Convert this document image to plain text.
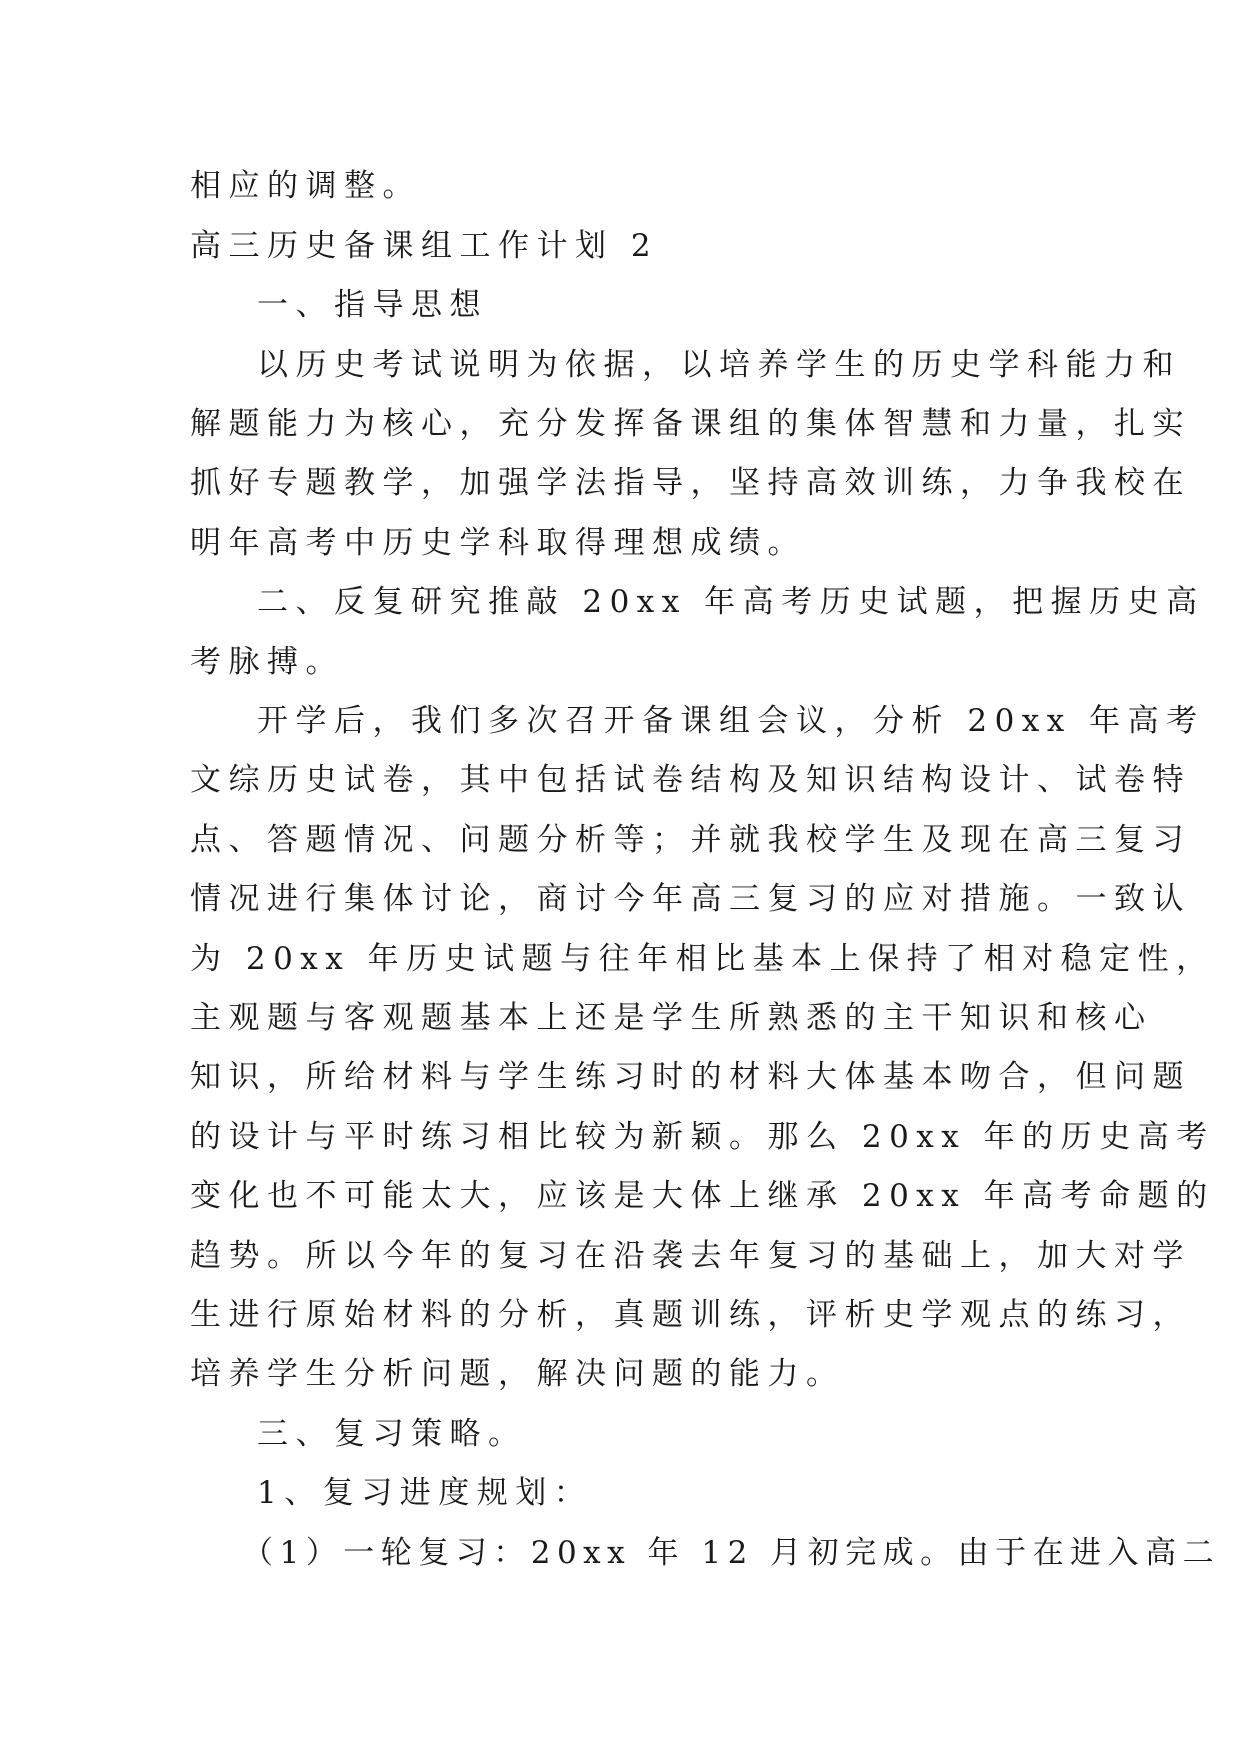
相应的调整。

高三历史备课组工作计划 2

一、指导思想

以历史考试说明为依据，以培养学生的历史学科能力和

解题能力为核心，充分发挥备课组的集体智慧和力量，扎实

抓好专题教学，加强学法指导，坚持高效训练，力争我校在

明年高考中历史学科取得理想成绩。

二、反复研究推敲 20xx 年高考历史试题，把握历史高

考脉搏。

开学后，我们多次召开备课组会议，分析 20xx 年高考

文综历史试卷，其中包括试卷结构及知识结构设计、试卷特

点、答题情况、问题分析等；并就我校学生及现在高三复习

情况进行集体讨论，商讨今年高三复习的应对措施。一致认

为 20xx 年历史试题与往年相比基本上保持了相对稳定性，

主观题与客观题基本上还是学生所熟悉的主干知识和核心

知识，所给材料与学生练习时的材料大体基本吻合，但问题

的设计与平时练习相比较为新颖。那么 20xx 年的历史高考

变化也不可能太大，应该是大体上继承 20xx 年高考命题的

趋势。所以今年的复习在沿袭去年复习的基础上，加大对学

生进行原始材料的分析，真题训练，评析史学观点的练习，

培养学生分析问题，解决问题的能力。

三、复习策略。

1、复习进度规划：

（1）一轮复习：20xx 年 12 月初完成。由于在进入高二
